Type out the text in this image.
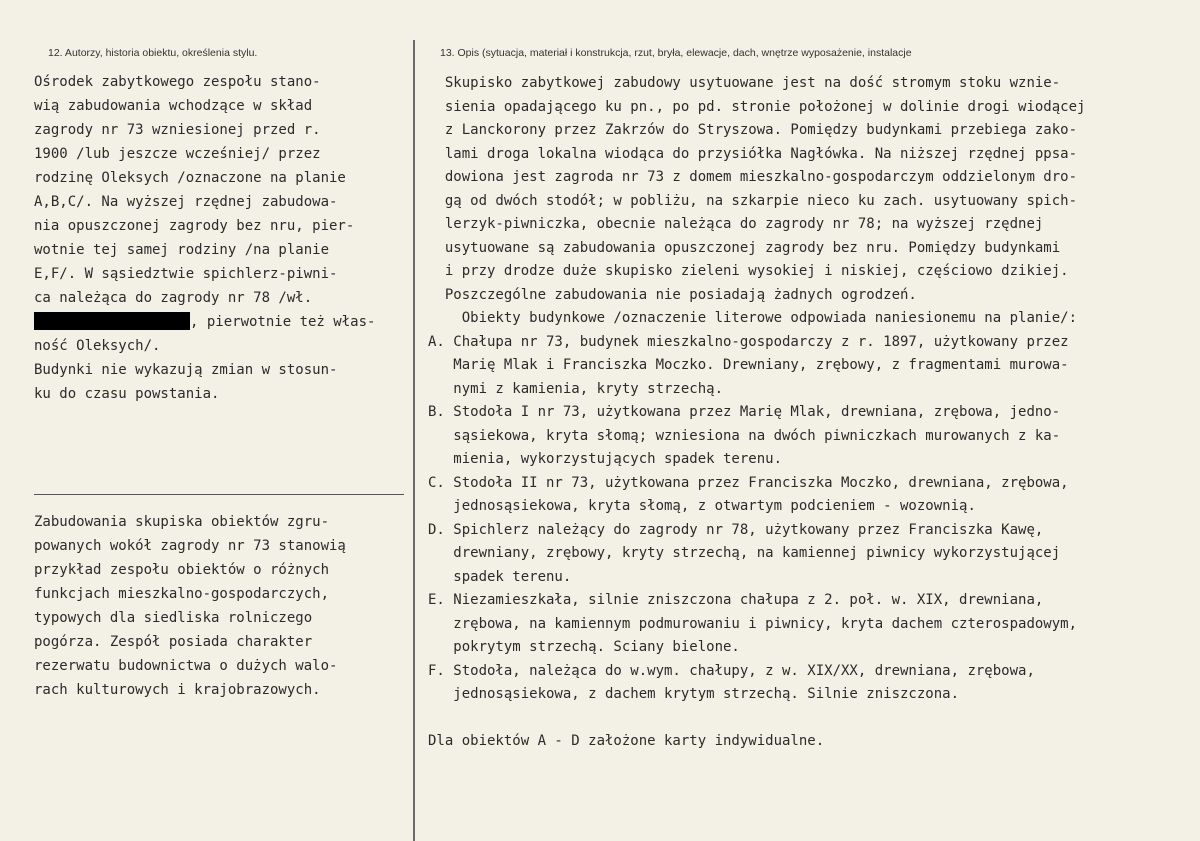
12. Autorzy, historia obiektu, określenia stylu.	13. Opis (sytuacja, materiał i konstrukcja, rzut, bryła, elewacje, dach, wnętrze wyposażenie, instalacje
Ośrodek zabytkowego zespołu stano-
wią zabudowania wchodzące w skład
zagrody nr 73 wzniesionej przed r.
1900 /lub jeszcze wcześniej/ przez
rodzinę Oleksych /oznaczone na planie
A,B,C/. Na wyższej rzędnej zabudowa-
nia opuszczonej zagrody bez nru, pier-
wotnie tej samej rodziny /na planie
E,F/. W sąsiedztwie spichlerz-piwni-
ca należąca do zagrody nr 78 /wł.
, pierwotnie też włas-
ność Oleksych/.
Budynki nie wykazują zmian w stosun-
ku do czasu powstania.
Zabudowania skupiska obiektów zgru-
powanych wokół zagrody nr 73 stanowią
przykład zespołu obiektów o różnych
funkcjach mieszkalno-gospodarczych,
typowych dla siedliska rolniczego
pogórza. Zespół posiada charakter
rezerwatu budownictwa o dużych walo-
rach kulturowych i krajobrazowych.
Skupisko zabytkowej zabudowy usytuowane jest na dość stromym stoku wznie-
sienia opadającego ku pn., po pd. stronie położonej w dolinie drogi wiodącej
z Lanckorony przez Zakrzów do Stryszowa. Pomiędzy budynkami przebiega zako-
lami droga lokalna wiodąca do przysiółka Nagłówka. Na niższej rzędnej ppsa-
dowiona jest zagroda nr 73 z domem mieszkalno-gospodarczym oddzielonym dro-
gą od dwóch stodół; w pobliżu, na szkarpie nieco ku zach. usytuowany spich-
lerzyk-piwniczka, obecnie należąca do zagrody nr 78; na wyższej rzędnej
usytuowane są zabudowania opuszczonej zagrody bez nru. Pomiędzy budynkami
i przy drodze duże skupisko zieleni wysokiej i niskiej, częściowo dzikiej.
Poszczególne zabudowania nie posiadają żadnych ogrodzeń.
Obiekty budynkowe /oznaczenie literowe odpowiada naniesionemu na planie/:
A. Chałupa nr 73, budynek mieszkalno-gospodarczy z r. 1897, użytkowany przez
Marię Mlak i Franciszka Moczko. Drewniany, zrębowy, z fragmentami murowa-
nymi z kamienia, kryty strzechą.
B. Stodoła I nr 73, użytkowana przez Marię Mlak, drewniana, zrębowa, jedno-
sąsiekowa, kryta słomą; wzniesiona na dwóch piwniczkach murowanych z ka-
mienia, wykorzystujących spadek terenu.
C. Stodoła II nr 73, użytkowana przez Franciszka Moczko, drewniana, zrębowa,
jednosąsiekowa, kryta słomą, z otwartym podcieniem - wozownią.
D. Spichlerz należący do zagrody nr 78, użytkowany przez Franciszka Kawę,
drewniany, zrębowy, kryty strzechą, na kamiennej piwnicy wykorzystującej
spadek terenu.
E. Niezamieszkała, silnie zniszczona chałupa z 2. poł. w. XIX, drewniana,
zrębowa, na kamiennym podmurowaniu i piwnicy, kryta dachem czterospadowym,
pokrytym strzechą. Sciany bielone.
F. Stodoła, należąca do w.wym. chałupy, z w. XIX/XX, drewniana, zrębowa,
jednosąsiekowa, z dachem krytym strzechą. Silnie zniszczona.
Dla obiektów A - D założone karty indywidualne.
